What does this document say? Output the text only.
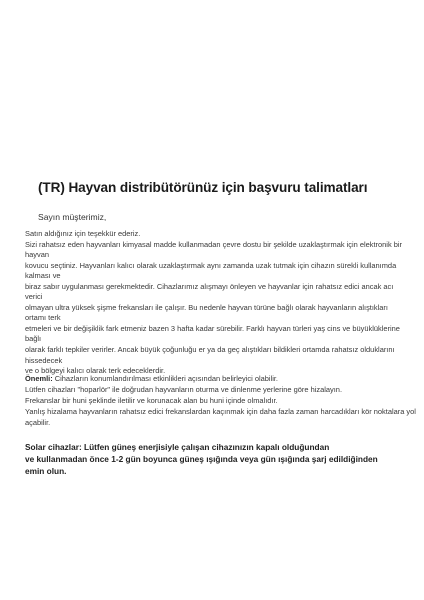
(TR) Hayvan distribütörünüz için başvuru talimatları
Sayın müşterimiz,
Satın aldığınız için teşekkür ederiz.
Sizi rahatsız eden hayvanları kimyasal madde kullanmadan çevre dostu bir şekilde uzaklaştırmak için elektronik bir hayvan
kovucu seçtiniz. Hayvanları kalıcı olarak uzaklaştırmak aynı zamanda uzak tutmak için cihazın sürekli kullanımda kalması ve
biraz sabır uygulanması gerekmektedir. Cihazlarımız alışmayı önleyen ve hayvanlar için rahatsız edici ancak acı verici
olmayan ultra yüksek şişme frekansları ile çalışır. Bu nedenle hayvan türüne bağlı olarak hayvanların alıştıkları ortamı terk
etmeleri ve bir değişiklik fark etmeniz bazen 3 hafta kadar sürebilir. Farklı hayvan türleri yaş cins ve büyüklüklerine bağlı
olarak farklı tepkiler verirler. Ancak büyük çoğunluğu er ya da geç alıştıkları bildikleri ortamda rahatsız olduklarını hissedecek
ve o bölgeyi kalıcı olarak terk edeceklerdir.
Önemli: Cihazların konumlandırılması etkinlikleri açısından belirleyici olabilir.
Lütfen cihazları "hoparlör" ile doğrudan hayvanların oturma ve dinlenme yerlerine göre hizalayın.
Frekanslar bir huni şeklinde iletilir ve korunacak alan bu huni içinde olmalıdır.
Yanlış hizalama hayvanların rahatsız edici frekanslardan kaçınmak için daha fazla zaman harcadıkları kör noktalara yol
açabilir.
Solar cihazlar: Lütfen güneş enerjisiyle çalışan cihazınızın kapalı olduğundan
ve kullanmadan önce 1-2 gün boyunca güneş ışığında veya gün ışığında şarj edildiğinden
emin olun.
